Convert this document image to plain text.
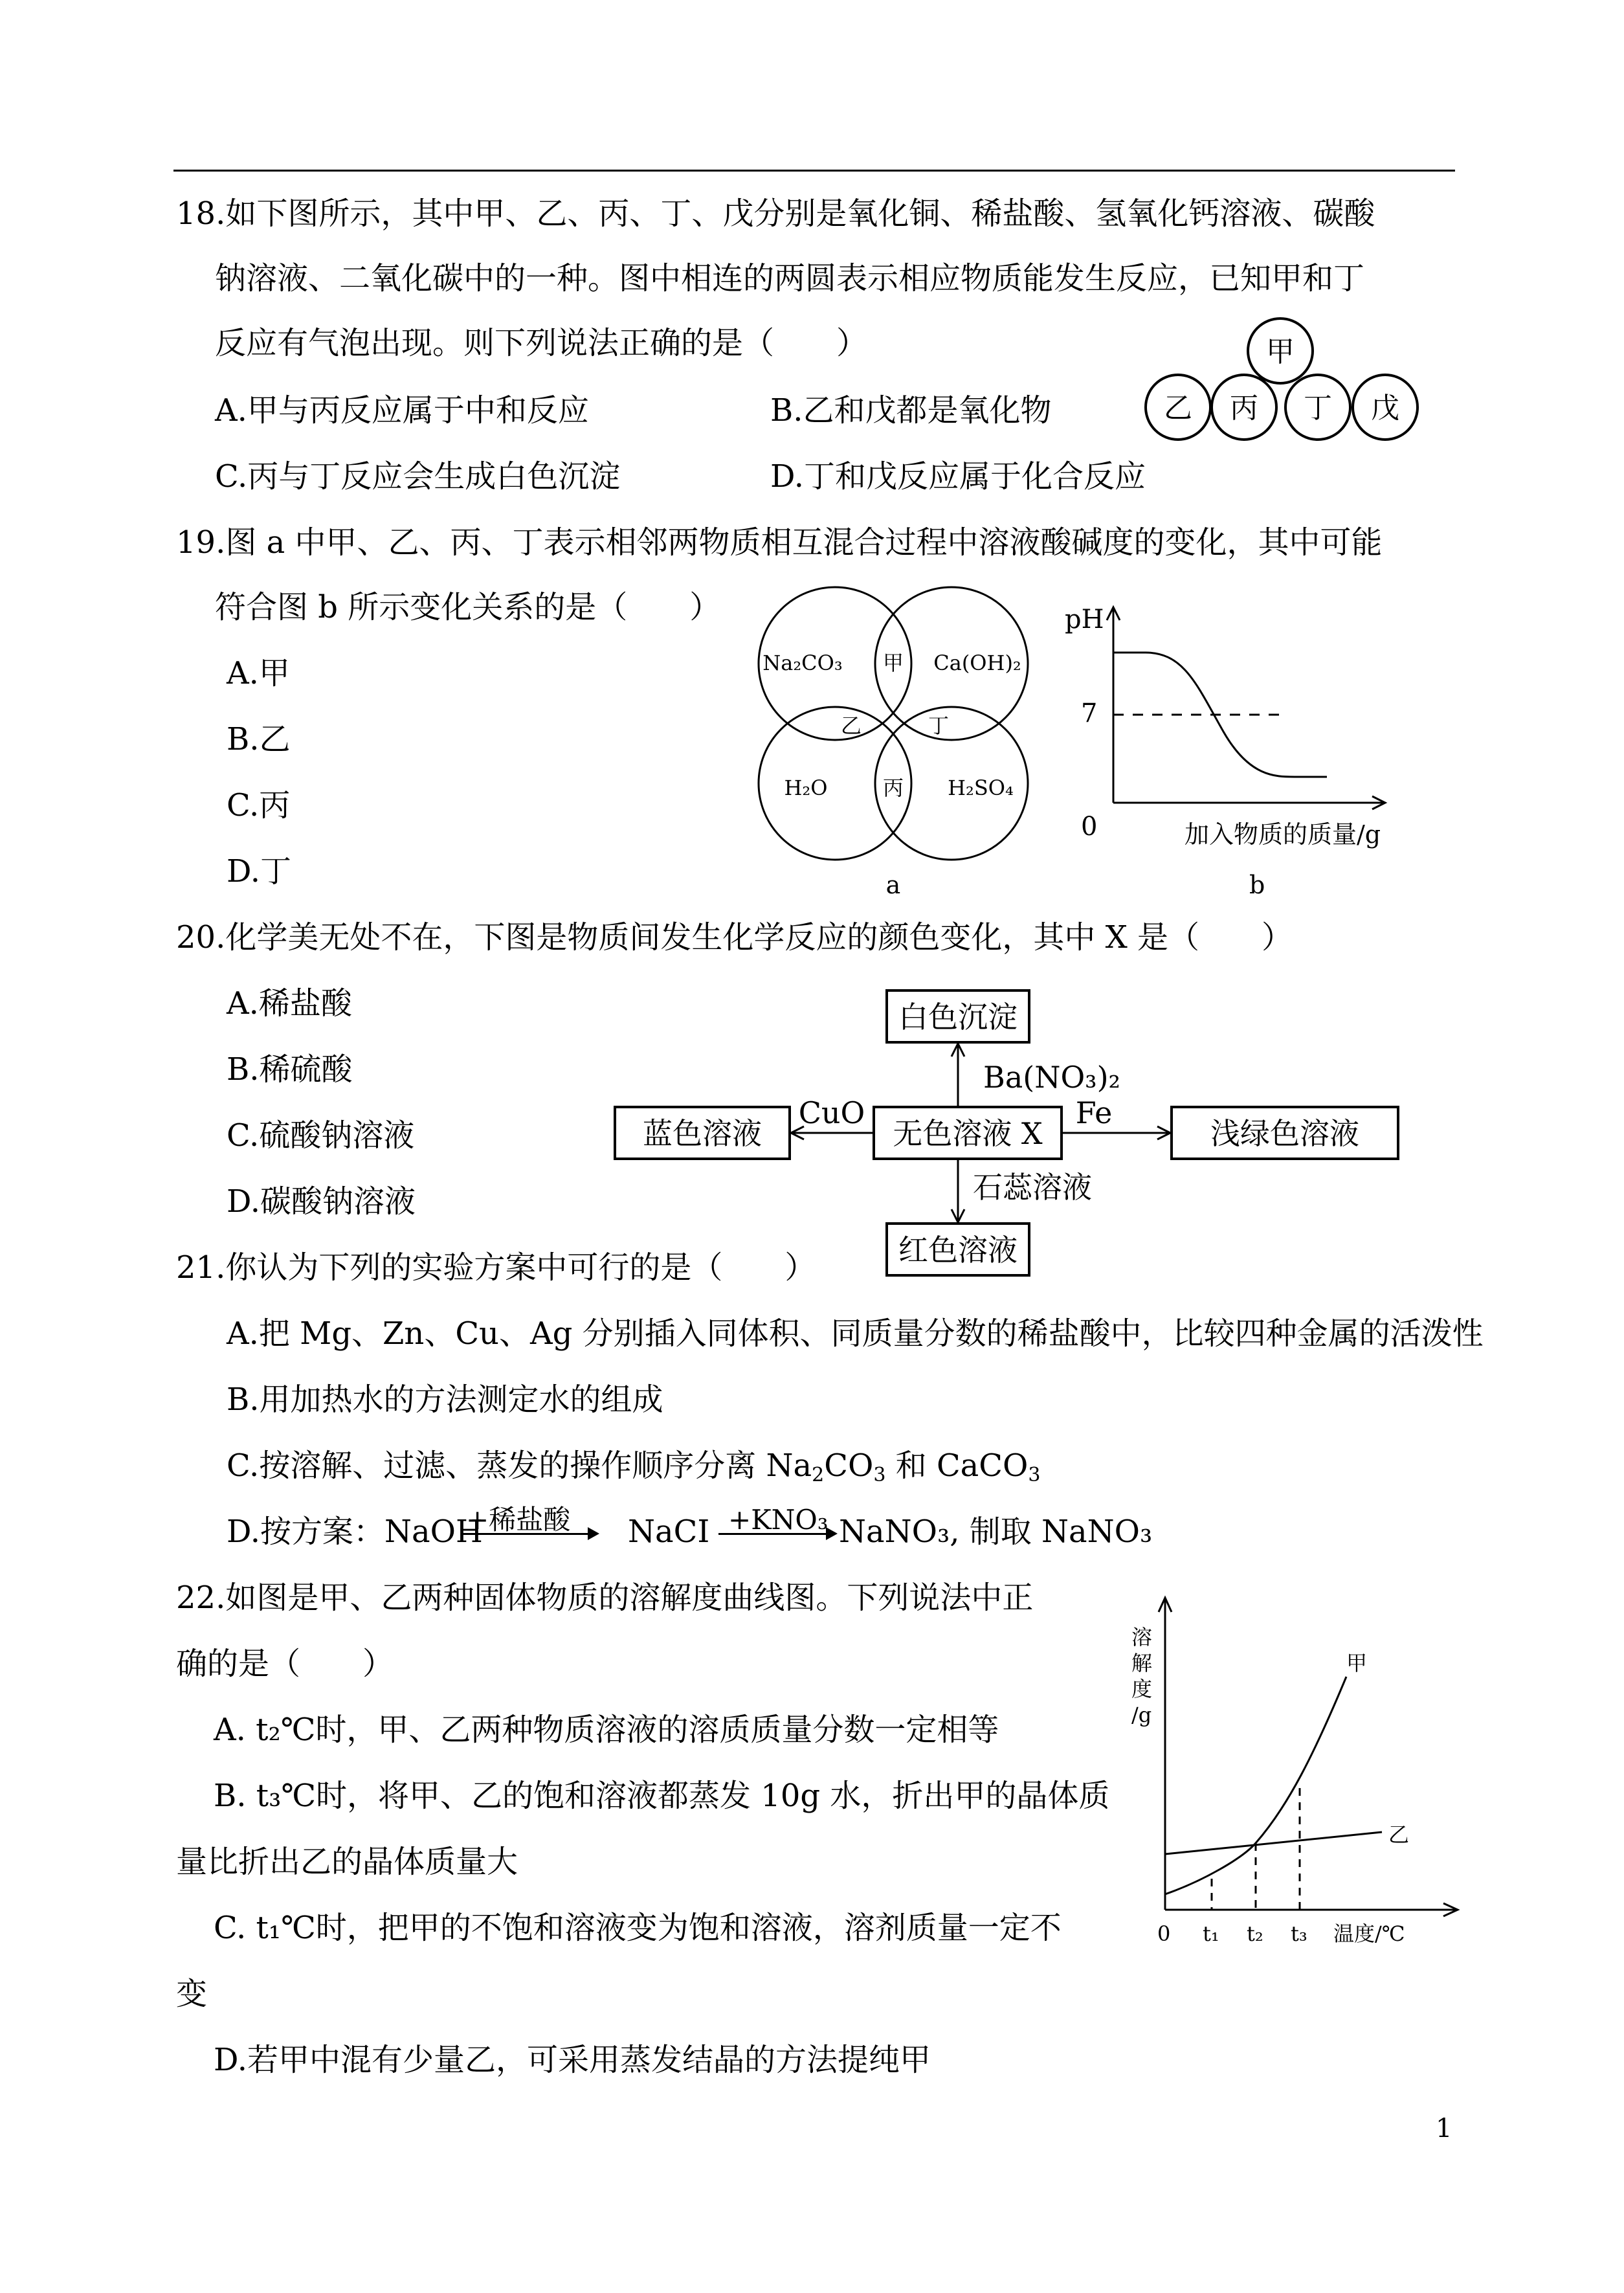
18.如下图所示，其中甲、乙、丙、丁、戊分别是氧化铜、稀盐酸、氢氧化钙溶液、碳酸
钠溶液、二氧化碳中的一种。图中相连的两圆表示相应物质能发生反应，已知甲和丁
反应有气泡出现。则下列说法正确的是（　　）
A.甲与丙反应属于中和反应	B.乙和戊都是氧化物
C.丙与丁反应会生成白色沉淀	D.丁和戊反应属于化合反应
甲
乙 丙 丁 戊
19.图 a 中甲、乙、丙、丁表示相邻两物质相互混合过程中溶液酸碱度的变化，其中可能
符合图 b 所示变化关系的是（　　）
A.甲
B.乙
C.丙
D.丁
Na₂CO₃	Ca(OH)₂
H₂O	H₂SO₄
甲
乙	丁
丙
a
pH
7
0	加入物质的质量/g
b
20.化学美无处不在，下图是物质间发生化学反应的颜色变化，其中 X 是（　　）
A.稀盐酸
B.稀硫酸
C.硫酸钠溶液
D.碳酸钠溶液
白色沉淀
无色溶液 X
蓝色溶液	浅绿色溶液
红色溶液
Ba(NO₃)₂
CuO	Fe
石蕊溶液
21.你认为下列的实验方案中可行的是（　　）
A.把 Mg、Zn、Cu、Ag 分别插入同体积、同质量分数的稀盐酸中，比较四种金属的活泼性
B.用加热水的方法测定水的组成
C.按溶解、过滤、蒸发的操作顺序分离 $Na_2CO_3$ 和 CaCO$_3$
D.按方案：NaOH
+稀盐酸 NaCI +KNO₃ NaNO₃, 制取 NaNO₃
22.如图是甲、乙两种固体物质的溶解度曲线图。下列说法中正
确的是（　　）
A. t₂℃时，甲、乙两种物质溶液的溶质质量分数一定相等
B. t₃℃时，将甲、乙的饱和溶液都蒸发 10g 水，折出甲的晶体质
量比折出乙的晶体质量大
C. t₁℃时，把甲的不饱和溶液变为饱和溶液，溶剂质量一定不
变
D.若甲中混有少量乙，可采用蒸发结晶的方法提纯甲
溶
解
度
/g
甲
乙
0 t₁ t₂ t₃ 温度/℃
1
